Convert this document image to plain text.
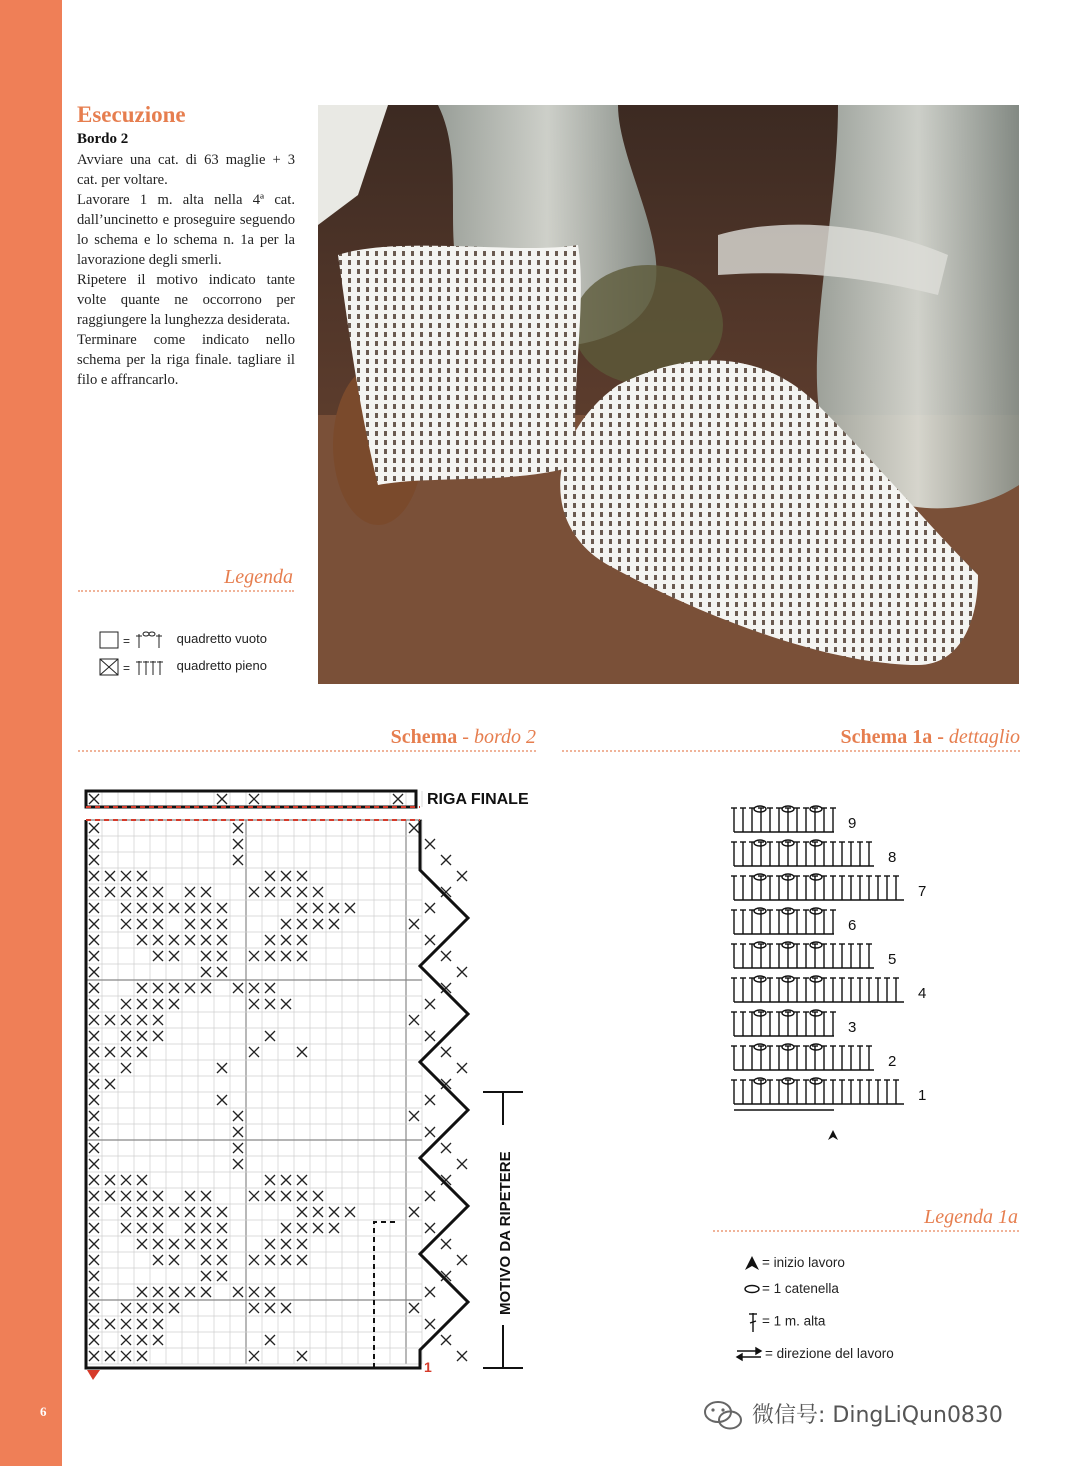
6
Esecuzione
Bordo 2

Avviare una cat. di 63 maglie + 3 cat. per voltare.

Lavorare 1 m. alta nella 4ª cat. dall’uncinetto e proseguire seguendo lo schema e lo schema n. 1a per la lavorazione degli smerli.

Ripetere il motivo indicato tante volte quante ne occorrono per raggiungere la lunghezza desiderata.

Terminare come indicato nello schema per la riga finale. tagliare il filo e affrancarlo.

Legenda
=	quadretto vuoto
=	quadretto pieno
Schema - bordo 2	Schema 1a - dettaglio
RIGA FINALE
1
MOTIVO DA RIPETERE
9
8
7
6
5
4
3
2
1
Legenda 1a
= inizio lavoro
= 1 catenella
= 1 m. alta
= direzione del lavoro
微信号: DingLiQun0830
